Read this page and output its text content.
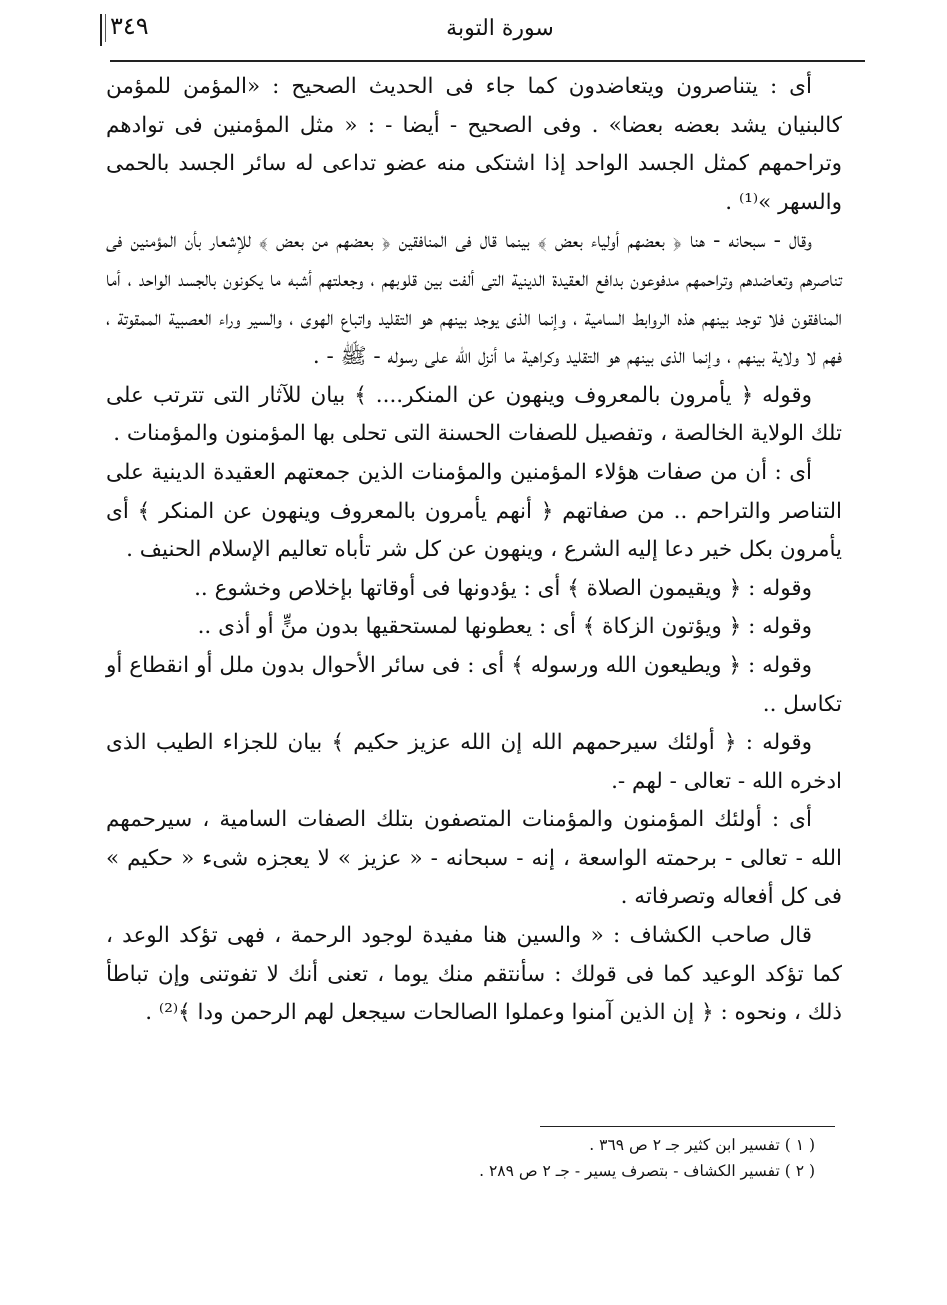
٣٤٩	سورة التوبة

أى : يتناصرون ويتعاضدون كما جاء فى الحديث الصحيح : «المؤمن للمؤمن كالبنيان يشد بعضه بعضا» . وفى الصحيح - أيضا - : « مثل المؤمنين فى توادهم وتراحمهم كمثل الجسد الواحد إذا اشتكى منه عضو تداعى له سائر الجسد بالحمى والسهر »⁽¹⁾ .

وقال - سبحانه - هنا ﴿ بعضهم أولياء بعض ﴾ بينما قال فى المنافقين ﴿ بعضهم من بعض ﴾ للإشعار بأن المؤمنين فى تناصرهم وتعاضدهم وتراحمهم مدفوعون بدافع العقيدة الدينية التى ألفت بين قلوبهم ، وجعلتهم أشبه ما يكونون بالجسد الواحد ، أما المنافقون فلا توجد بينهم هذه الروابط السامية ، وإنما الذى يوجد بينهم هو التقليد واتباع الهوى ، والسير وراء العصبية الممقوتة ، فهم لا ولاية بينهم ، وإنما الذى بينهم هو التقليد وكراهية ما أنزل الله على رسوله - ﷺ - .

وقوله ﴿ يأمرون بالمعروف وينهون عن المنكر.... ﴾ بيان للآثار التى تترتب على تلك الولاية الخالصة ، وتفصيل للصفات الحسنة التى تحلى بها المؤمنون والمؤمنات .

أى : أن من صفات هؤلاء المؤمنين والمؤمنات الذين جمعتهم العقيدة الدينية على التناصر والتراحم .. من صفاتهم ﴿ أنهم يأمرون بالمعروف وينهون عن المنكر ﴾ أى يأمرون بكل خير دعا إليه الشرع ، وينهون عن كل شر تأباه تعاليم الإسلام الحنيف .

وقوله : ﴿ ويقيمون الصلاة ﴾ أى : يؤدونها فى أوقاتها بإخلاص وخشوع ..

وقوله : ﴿ ويؤتون الزكاة ﴾ أى : يعطونها لمستحقيها بدون منٍّ أو أذى ..

وقوله : ﴿ ويطيعون الله ورسوله ﴾ أى : فى سائر الأحوال بدون ملل أو انقطاع أو تكاسل ..

وقوله : ﴿ أولئك سيرحمهم الله إن الله عزيز حكيم ﴾ بيان للجزاء الطيب الذى ادخره الله - تعالى - لهم -.

أى : أولئك المؤمنون والمؤمنات المتصفون بتلك الصفات السامية ، سيرحمهم الله - تعالى - برحمته الواسعة ، إنه - سبحانه - « عزيز » لا يعجزه شىء « حكيم » فى كل أفعاله وتصرفاته .

قال صاحب الكشاف : « والسين هنا مفيدة لوجود الرحمة ، فهى تؤكد الوعد ، كما تؤكد الوعيد كما فى قولك : سأنتقم منك يوما ، تعنى أنك لا تفوتنى وإن تباطأ ذلك ، ونحوه : ﴿ إن الذين آمنوا وعملوا الصالحات سيجعل لهم الرحمن ودا ﴾⁽²⁾ .

( ١ ) تفسير ابن كثير جـ ٢ ص ٣٦٩ .

( ٢ ) تفسير الكشاف - بتصرف يسير - جـ ٢ ص ٢٨٩ .
